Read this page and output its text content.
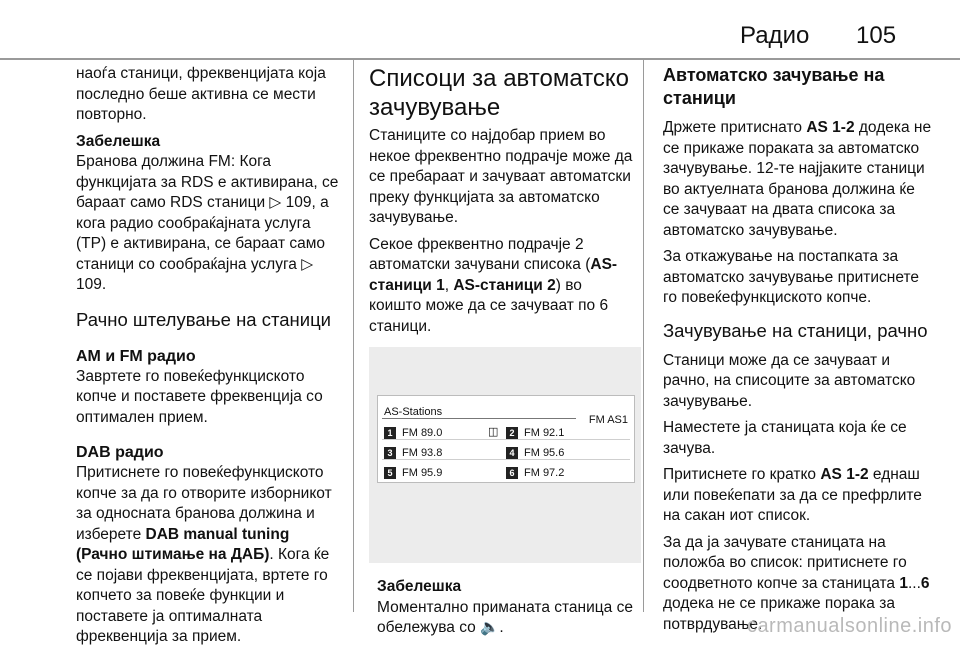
Радио 105

наоѓа станици, фреквенцијата која последно беше активна се мести повторно.

Забелешка

Бранова должина FM: Кога функцијата за RDS е активирана, се бараат само RDS станици ▷ 109, а кога радио сообраќајната услуга (TP) е активирана, се бараат само станици со сообраќајна услуга ▷ 109.

Рачно штелување на станици
AM и FM радио

Завртете го повеќефункциското копче и поставете фреквенција со оптимален прием.

DAB радио

Притиснете го повеќефункциското копче за да го отворите изборникот за односната бранова должина и изберете DAB manual tuning (Рачно штимање на ДАБ). Кога ќе се појави фреквенцијата, вртете го копчето за повеќе функции и поставете ја оптималната фреквенција за прием.

Списоци за автоматско зачувување

Станиците со најдобар прием во некое фреквентно подрачје може да се пребараат и зачуваат автоматски преку функцијата за автоматско зачувување.

Секое фреквентно подрачје 2 автоматски зачувани списока (AS-станици 1, AS-станици 2) во коишто може да се зачуваат по 6 станици.

AS-Stations
FM AS1
1 FM 89.0	◫	2 FM 92.1
3 FM 93.8	4 FM 95.6
5 FM 95.9	6 FM 97.2

Забелешка

Моментално приманата станица се обележува со 🔈.

Автоматско зачување на станици

Држете притиснато AS 1-2 додека не се прикаже пораката за автоматско зачувување. 12-те најјаките станици во актуелната бранова должина ќе се зачуваат на двата списока за автоматско зачувување.

За откажување на постапката за автоматско зачувување притиснете го повеќефункциското копче.

Зачувување на станици, рачно

Станици може да се зачуваат и рачно, на списоците за автоматско зачувување.

Наместете ја станицата која ќе се зачува.

Притиснете го кратко AS 1-2 еднаш или повеќепати за да се префрлите на сакан иот список.

За да ја зачувате станицата на положба во список: притиснете го соодветното копче за станицата 1...6 додека не се прикаже порака за потврдување.

carmanualsonline.info
